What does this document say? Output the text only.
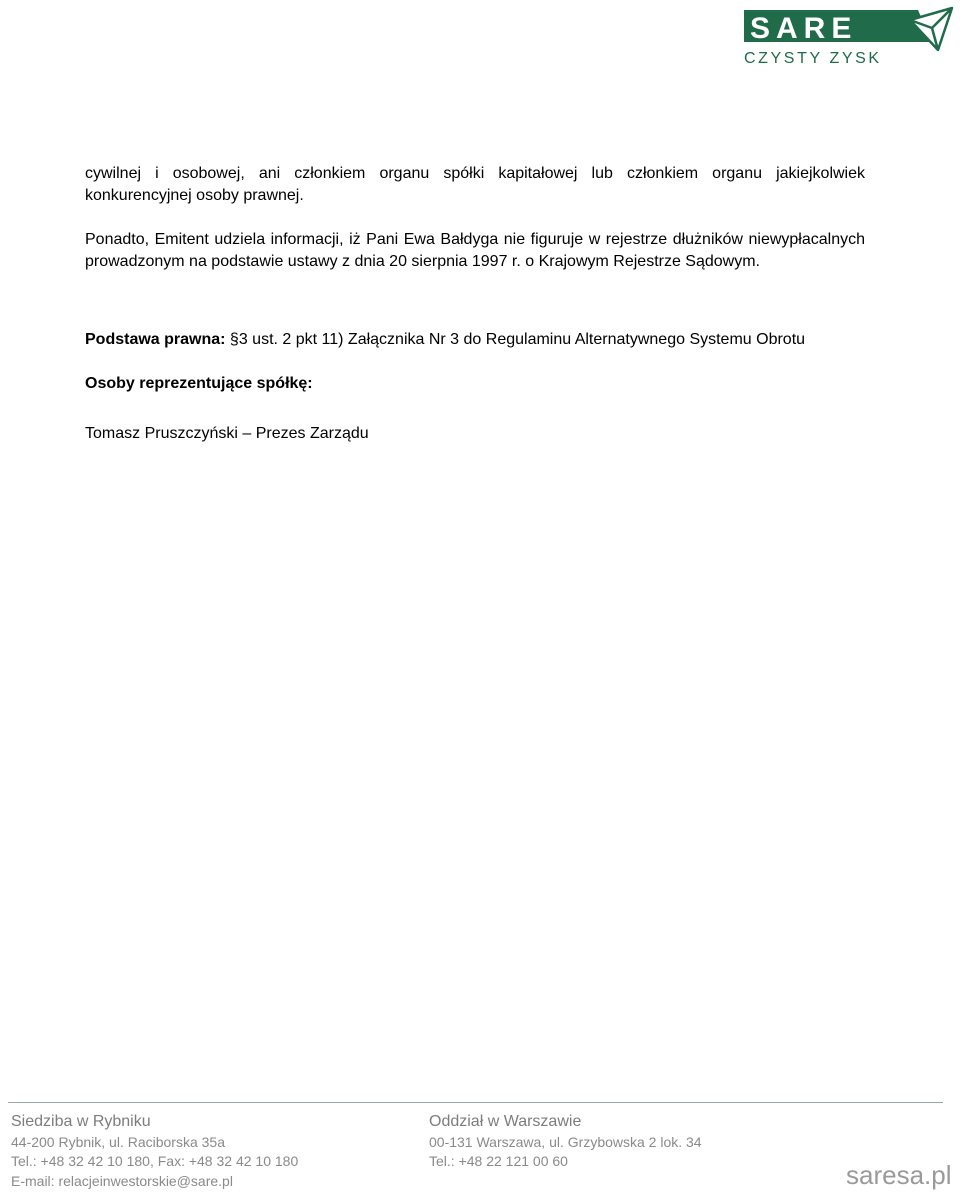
SARE
CZYSTY ZYSK

cywilnej i osobowej, ani członkiem organu spółki kapitałowej lub członkiem organu jakiejkolwiek konkurencyjnej osoby prawnej.

Ponadto, Emitent udziela informacji, iż Pani Ewa Bałdyga nie figuruje w rejestrze dłużników niewypłacalnych prowadzonym na podstawie ustawy z dnia 20 sierpnia 1997 r. o Krajowym Rejestrze Sądowym.

Podstawa prawna: §3 ust. 2 pkt 11) Załącznika Nr 3 do Regulaminu Alternatywnego Systemu Obrotu

Osoby reprezentujące spółkę:

Tomasz Pruszczyński – Prezes Zarządu

Siedziba w Rybniku
44-200 Rybnik, ul. Raciborska 35a
Tel.: +48 32 42 10 180, Fax: +48 32 42 10 180
E-mail: relacjeinwestorskie@sare.pl
Oddział w Warszawie
00-131 Warszawa, ul. Grzybowska 2 lok. 34
Tel.: +48 22 121 00 60	saresa.pl
